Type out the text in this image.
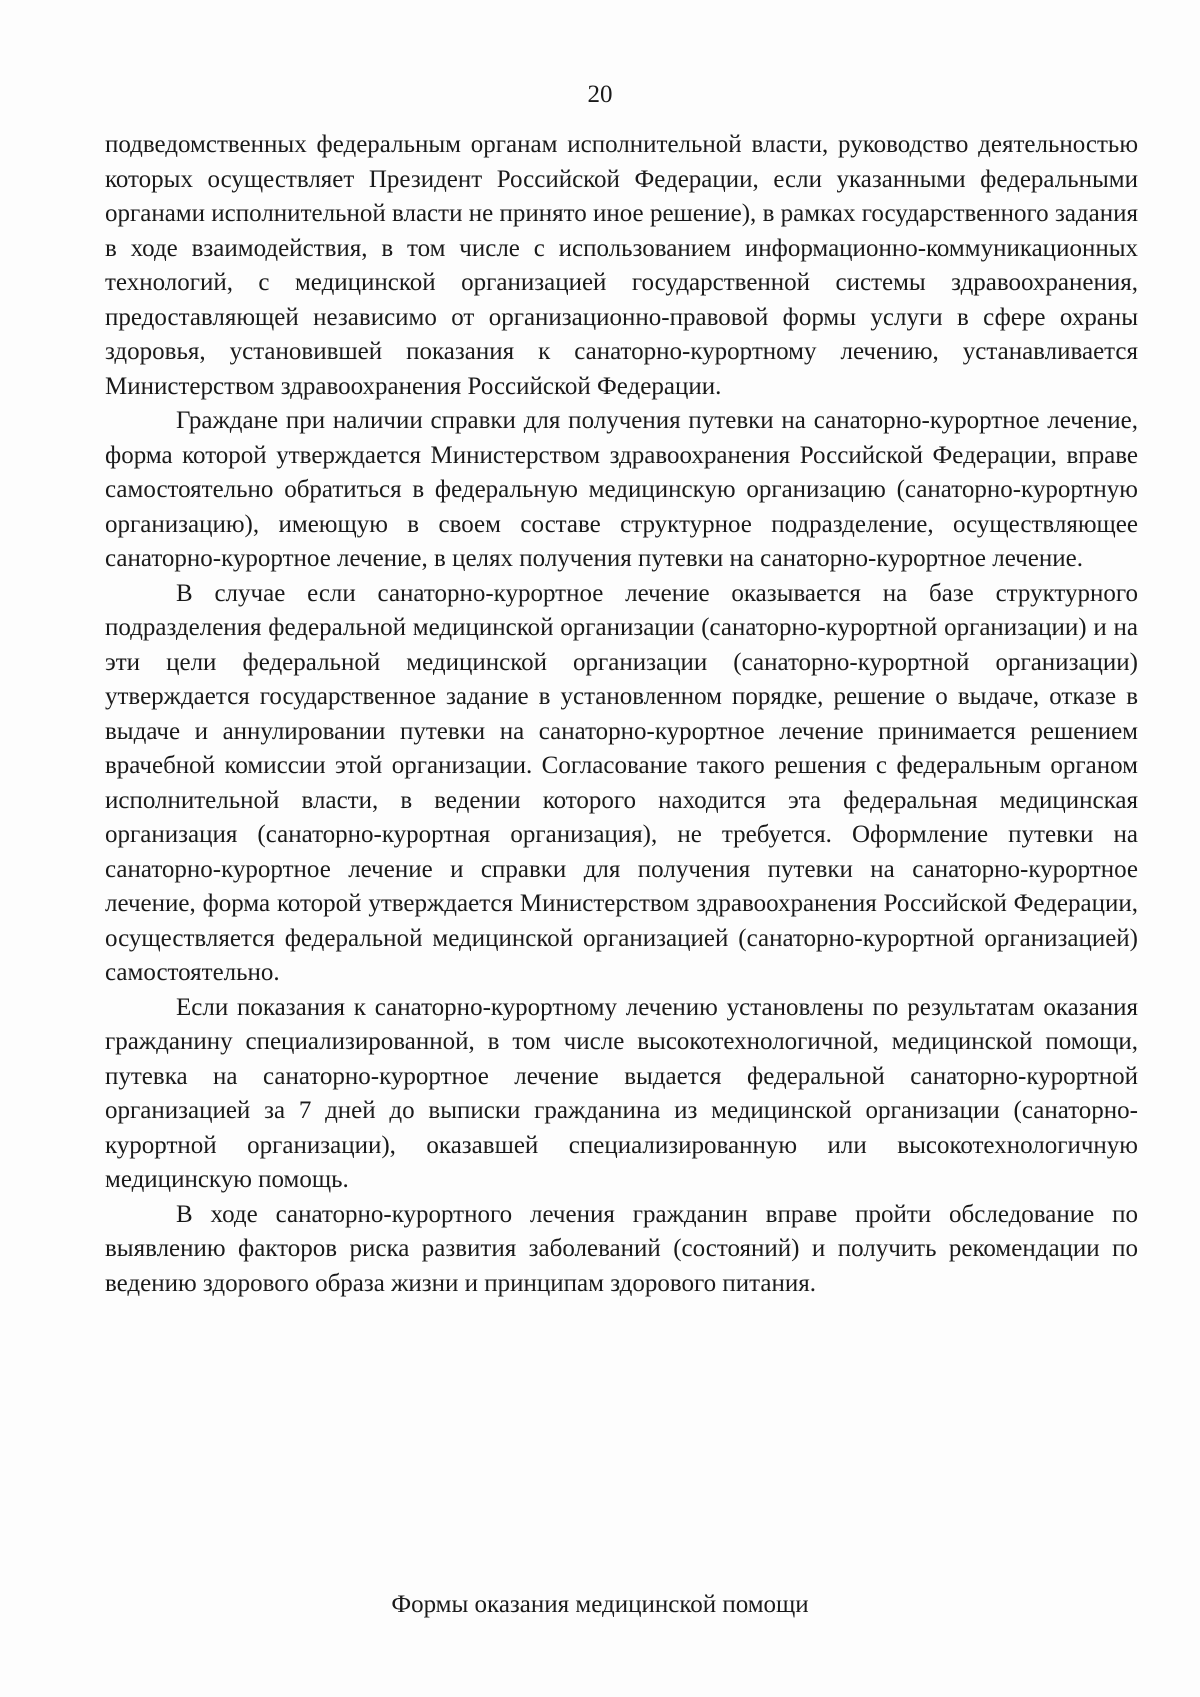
20

подведомственных федеральным органам исполнительной власти, руководство деятельностью которых осуществляет Президент Российской Федерации, если указанными федеральными органами исполнительной власти не принято иное решение), в рамках государственного задания в ходе взаимодействия, в том числе с использованием информационно-коммуникационных технологий, с медицинской организацией государственной системы здравоохранения, предоставляющей независимо от организационно-правовой формы услуги в сфере охраны здоровья, установившей показания к санаторно-курортному лечению, устанавливается Министерством здравоохранения Российской Федерации.

Граждане при наличии справки для получения путевки на санаторно-курортное лечение, форма которой утверждается Министерством здравоохранения Российской Федерации, вправе самостоятельно обратиться в федеральную медицинскую организацию (санаторно-курортную организацию), имеющую в своем составе структурное подразделение, осуществляющее санаторно-курортное лечение, в целях получения путевки на санаторно-курортное лечение.

В случае если санаторно-курортное лечение оказывается на базе структурного подразделения федеральной медицинской организации (санаторно-курортной организации) и на эти цели федеральной медицинской организации (санаторно-курортной организации) утверждается государственное задание в установленном порядке, решение о выдаче, отказе в выдаче и аннулировании путевки на санаторно-курортное лечение принимается решением врачебной комиссии этой организации. Согласование такого решения с федеральным органом исполнительной власти, в ведении которого находится эта федеральная медицинская организация (санаторно-курортная организация), не требуется. Оформление путевки на санаторно-курортное лечение и справки для получения путевки на санаторно-курортное лечение, форма которой утверждается Министерством здравоохранения Российской Федерации, осуществляется федеральной медицинской организацией (санаторно-курортной организацией) самостоятельно.

Если показания к санаторно-курортному лечению установлены по результатам оказания гражданину специализированной, в том числе высокотехнологичной, медицинской помощи, путевка на санаторно-курортное лечение выдается федеральной санаторно-курортной организацией за 7 дней до выписки гражданина из медицинской организации (санаторно-курортной организации), оказавшей специализированную или высокотехнологичную медицинскую помощь.

В ходе санаторно-курортного лечения гражданин вправе пройти обследование по выявлению факторов риска развития заболеваний (состояний) и получить рекомендации по ведению здорового образа жизни и принципам здорового питания.

Формы оказания медицинской помощи
